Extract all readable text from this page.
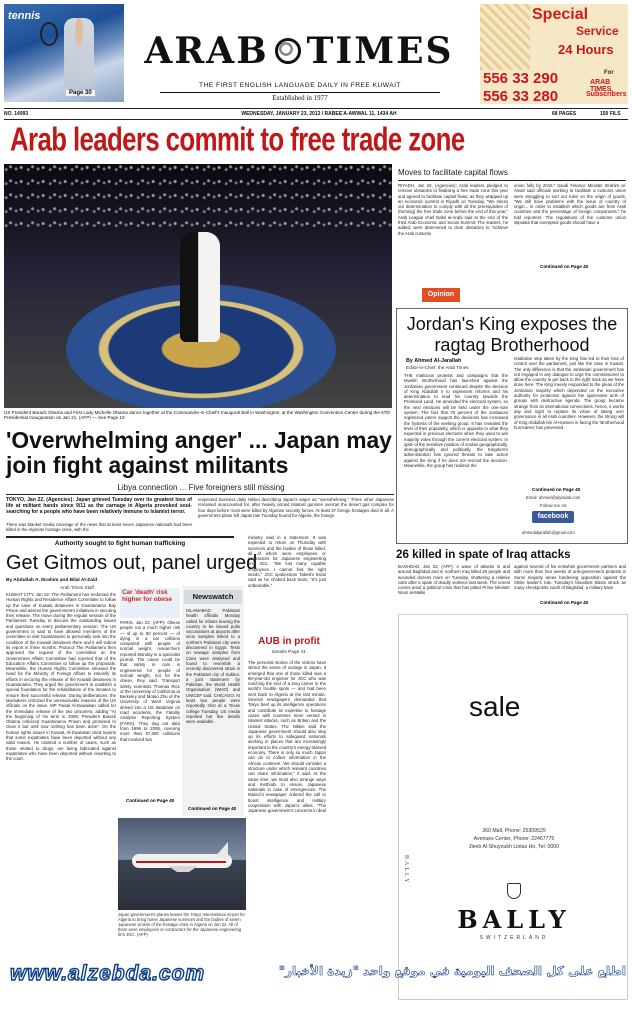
tennis
Page 30
ARAB TIMES
THE FIRST ENGLISH LANGUAGE DAILY IN FREE KUWAIT
Established in 1977
Special
Service
24 Hours
556 33 290
556 33 280
For
ARAB TIMES
Subscribers
NO. 14993	WEDNESDAY, JANUARY 23, 2013 / RABEE'A-AWWAL 11, 1434 AH	68 PAGES	150 FILS
Arab leaders commit to free trade zone
US President Barack Obama and First Lady Michelle Obama dance together at the Commander-in-Chief's Inaugural Ball in Washington, at the Washington Convention Center during the 57th Presidential Inauguration on Jan 21. (AFP) — See Page 19
Moves to facilitate capital flows
RIYADH, Jan 22, (Agencies): Arab leaders pledged to remove obstacles to finalising a free trade zone this year and agreed to facilitate capital flows, as they wrapped up an economic summit in Riyadh on Tuesday. "We stress our determination to comply with all the prerequisites of (forming) the free trade zone before the end of this year," Arab League chief Nabil al-Arabi said at the end of the third Arab Economic and Social Summit. The leaders, he added, were determined to clear obstacles to "achieve the Arab customs
union fully by 2015." Saudi Finance Minister Ibrahim al-Assaf said officials working to facilitate a customs union were struggling to sort out rules on the origin of goods. "We still have problems with the issue of country of origin... in order to establish which goods are from Arab countries and the percentage of foreign components," he told reporters. The regulations of the customs union stipulate that exempted goods should have a
Continued on Page 40
Opinion
Jordan's King exposes the ragtag Brotherhood
By Ahmed Al-Jarallah
Editor-in-Chief, the Arab Times
THE malicious protests and campaigns that the Muslim Brotherhood has launched against the Jordanian government continued despite the decision of King Abdullah II to implement reforms and his determination to lead his country towards the Promised Land. He amended the electoral system, so the next elections will be held under the one-vote system. The fact that 70 percent of the Jordanian registered voters support the decisions has increased the hysteria of the seeking group. It has revealed the level of their popularity, which is opposite to what they expected in previous elections when they used to win majority votes through the current electoral system. In spite of the sensitive position of Jordan geographically, demographically and politically, the Kingdom's administration has ignored threats to take action against the King if he does not rescind the decision. Meanwhile, the group has realized the
retaliative step taken by the King has led to their loss of control over the parliament, just like the case in Kuwait. The only difference is that the Jordanian government has not engaged in any dialogue to urge the commissioner to allow the country to get back to the right track as we have done here. The King merely responded to the pleas of the Jordanian majority which depended on the executive authority for protection against the oppressive acts of groups with destructive agenda. The group became strange from its international connections, hence, it works day and night to replace its vision of taking over governance in all Arab countries. However, the strong will of King Abdullah bin Al-Hussein in facing the 'Brotherhood hurricanes' has prevented
Continued on Page 40
Email: ahmed@alyasiah.com
Follow me on:
facebook
ahmedaljarallah@gmail.com
'Overwhelming anger' ... Japan may join fight against militants
Libya connection ... Five foreigners still missing
TOKYO, Jan 22, (Agencies): Japan grieved Tuesday over its greatest loss of life at militant hands since 9/11 as the carnage in Algeria provoked soul-searching for a people who have been relatively immune to Islamist terror.
respected business daily Nikkei describing Japan's anger as "overwhelming." Three other Japanese remained unaccounted for, after heavily armed Islamist gunmen overran the desert gas complex for four days before most were killed by Algerian security forces. At least 37 foreign hostages died in all. A government plane left Japan late Tuesday bound for Algeria, the foreign
There was blanket media coverage of the news that at least seven Japanese nationals had been killed in the Algerian hostage crisis, with the
26 killed in spate of Iraq attacks
BAGHDAD, Jan 22, (AFP): A wave of attacks in and around Baghdad and in northern Iraq killed 26 people and wounded dozens more on Tuesday, shattering a relative calm after a spate of deadly violence last week. The unrest comes amid a political crisis that has pitted Prime Minister Nouri al-Maliki
against several of his erstwhile government partners and with more than four weeks of anti-government protests in Sunni majority areas hardening opposition against the Shiite leader's rule. Tuesday's bloodiest blasts struck as many checkpoints south of Baghdad, a military base
Continued on Page 40
Authority sought to fight human trafficking
Get Gitmos out, panel urged
By Abdullah A. Ibrahim and Bilal Al-Zaid
Arab Times Staff
KUWAIT CITY, Jan 22: The Parliament has endorsed the Human Rights and Residence Affairs Committee to follow up the case of Kuwaiti detainees in Guantanamo Bay Prison and assess the government's initiatives in securing their release. The move during the regular session of the Parliament Tuesday to discuss the outstanding issues and questions on every parliamentary session. The US government is said to have allowed members of the committee to visit Guantanamo to personally look into the condition of the Kuwaiti detainees there and it will submit its report in three months. Protocol The Parliament then approved the request of the committee on the Government Affairs Committee had rejected that of the Education Affairs Committee to follow up the proposals. Meanwhile, the Human Rights Committee stressed the need for the Ministry of Foreign Affairs to intensify its efforts in securing the release of the Kuwaiti detainees in Guantanamo. They urged the government to establish a special foundation for the rehabilitation of the inmates to ensure their successful release. During deliberations, the lawmakers criticized the unreasonable reasons of the US officials on the issue. MP Faisal Al-Duwaisan called for the immediate release of the two prisoners, adding "At the beginning of his term in 2009, President Barack Obama criticized Guantanamo Prison and promised to close it but until now nothing has been done". On the human rights issues in Kuwait, Al-Duwaisan cited reports that some expatriates have been deported without any valid reason. He claimed a number of cases, such as those related to drugs, are being fabricated against expatriates who have been deported without resorting to the court.
Car 'death' risk higher for obese
PARIS, Jan 22, (AFP): Obese people run a much higher risk — of up to 80 percent — of dying in a car collision compared with people of normal weight, researchers reported Monday in a specialist journal. The cause could be that safety in cars is engineered for people of normal weight, not for the obese, they said. Transport safety scientists Thomas Rice of the University of California at Berkeley and Motao Zhu of the University of West Virginia delved into a US database on road accidents, the Fatality Analysis Reporting System (FARS). They dug out data from 1996 to 2008, covering more than 57,000 collisions that involved two
Continued on Page 40
Newswatch
ISLAMABAD: Pakistani health officials Monday called for infants leaving the country to be issued polio vaccinations at airports after virus samples linked to a northern Pakistani city were discovered in Egypt. Tests on sewage samples from Cairo were analysed and found to resemble a recently discovered strain in the Pakistani city of Sukkur, a joint statement by Pakistan, the World Health Organisation (WHO) and UNICEF said. CHICAGO: At least two people were reportedly shot at a Texas college Tuesday, US media reported but few details were available.
Continued on Page 40
ministry said in a statement. It was expected to return on Thursday with survivors and the bodies of those killed, all of whom were employees or contractors for Japanese engineering firm JGC. "We lost many capable employees. I cannot find the right words," JGC spokesman Takeshi Endo said as he choked back tears. "It's just unbearable."
AUB in profit
Details Page 41
The personal stories of the victims have stirred the sense of outrage in Japan. It emerged that one of those killed was a 66-year-old engineer for JGC who was reaching the end of a long career in the world's trouble spots — and had been sent back to Algeria at the last minute. Several newspapers demanded that Tokyo beef up its intelligence operations and contribute its expertise to hostage cases with countries more versed in Islamist attacks, such as Britain and the United States. The Nikkei said the Japanese government should also step up its efforts to safeguard nationals working in places that are increasingly important to the country's energy-starved economy. There is only so much Japan can do to collect information in the African continent. We should consider a structure under which relevant countries can share information," it said. At the same time, we must also arrange ways and methods to ensure Japanese nationals in case of emergencies. The Mainichi newspaper ordered the call to boost intelligence and military cooperation with Japan's allies. "The Japanese government's concerns in deal
Japan government's planes leaves the Tokyo International Airport for Algeria to bring home Japanese survivors and the bodies of seven Japanese victims of the hostage crisis in Algeria on Jan 22. All of them were employees or contractors for the Japanese engineering firm JGC. (AFP)
sale
360 Mall, Phone: 25309525
Avenues Center, Phone: 22467775
Jleeb Al-Shuyoukh Lintas Ho, Tel: 0000
BALLY
BALLY
SWITZERLAND
www.alzebda.com	اطلع على كل الصحف اليومية في موقع واحد "زبدة الأخبار"
